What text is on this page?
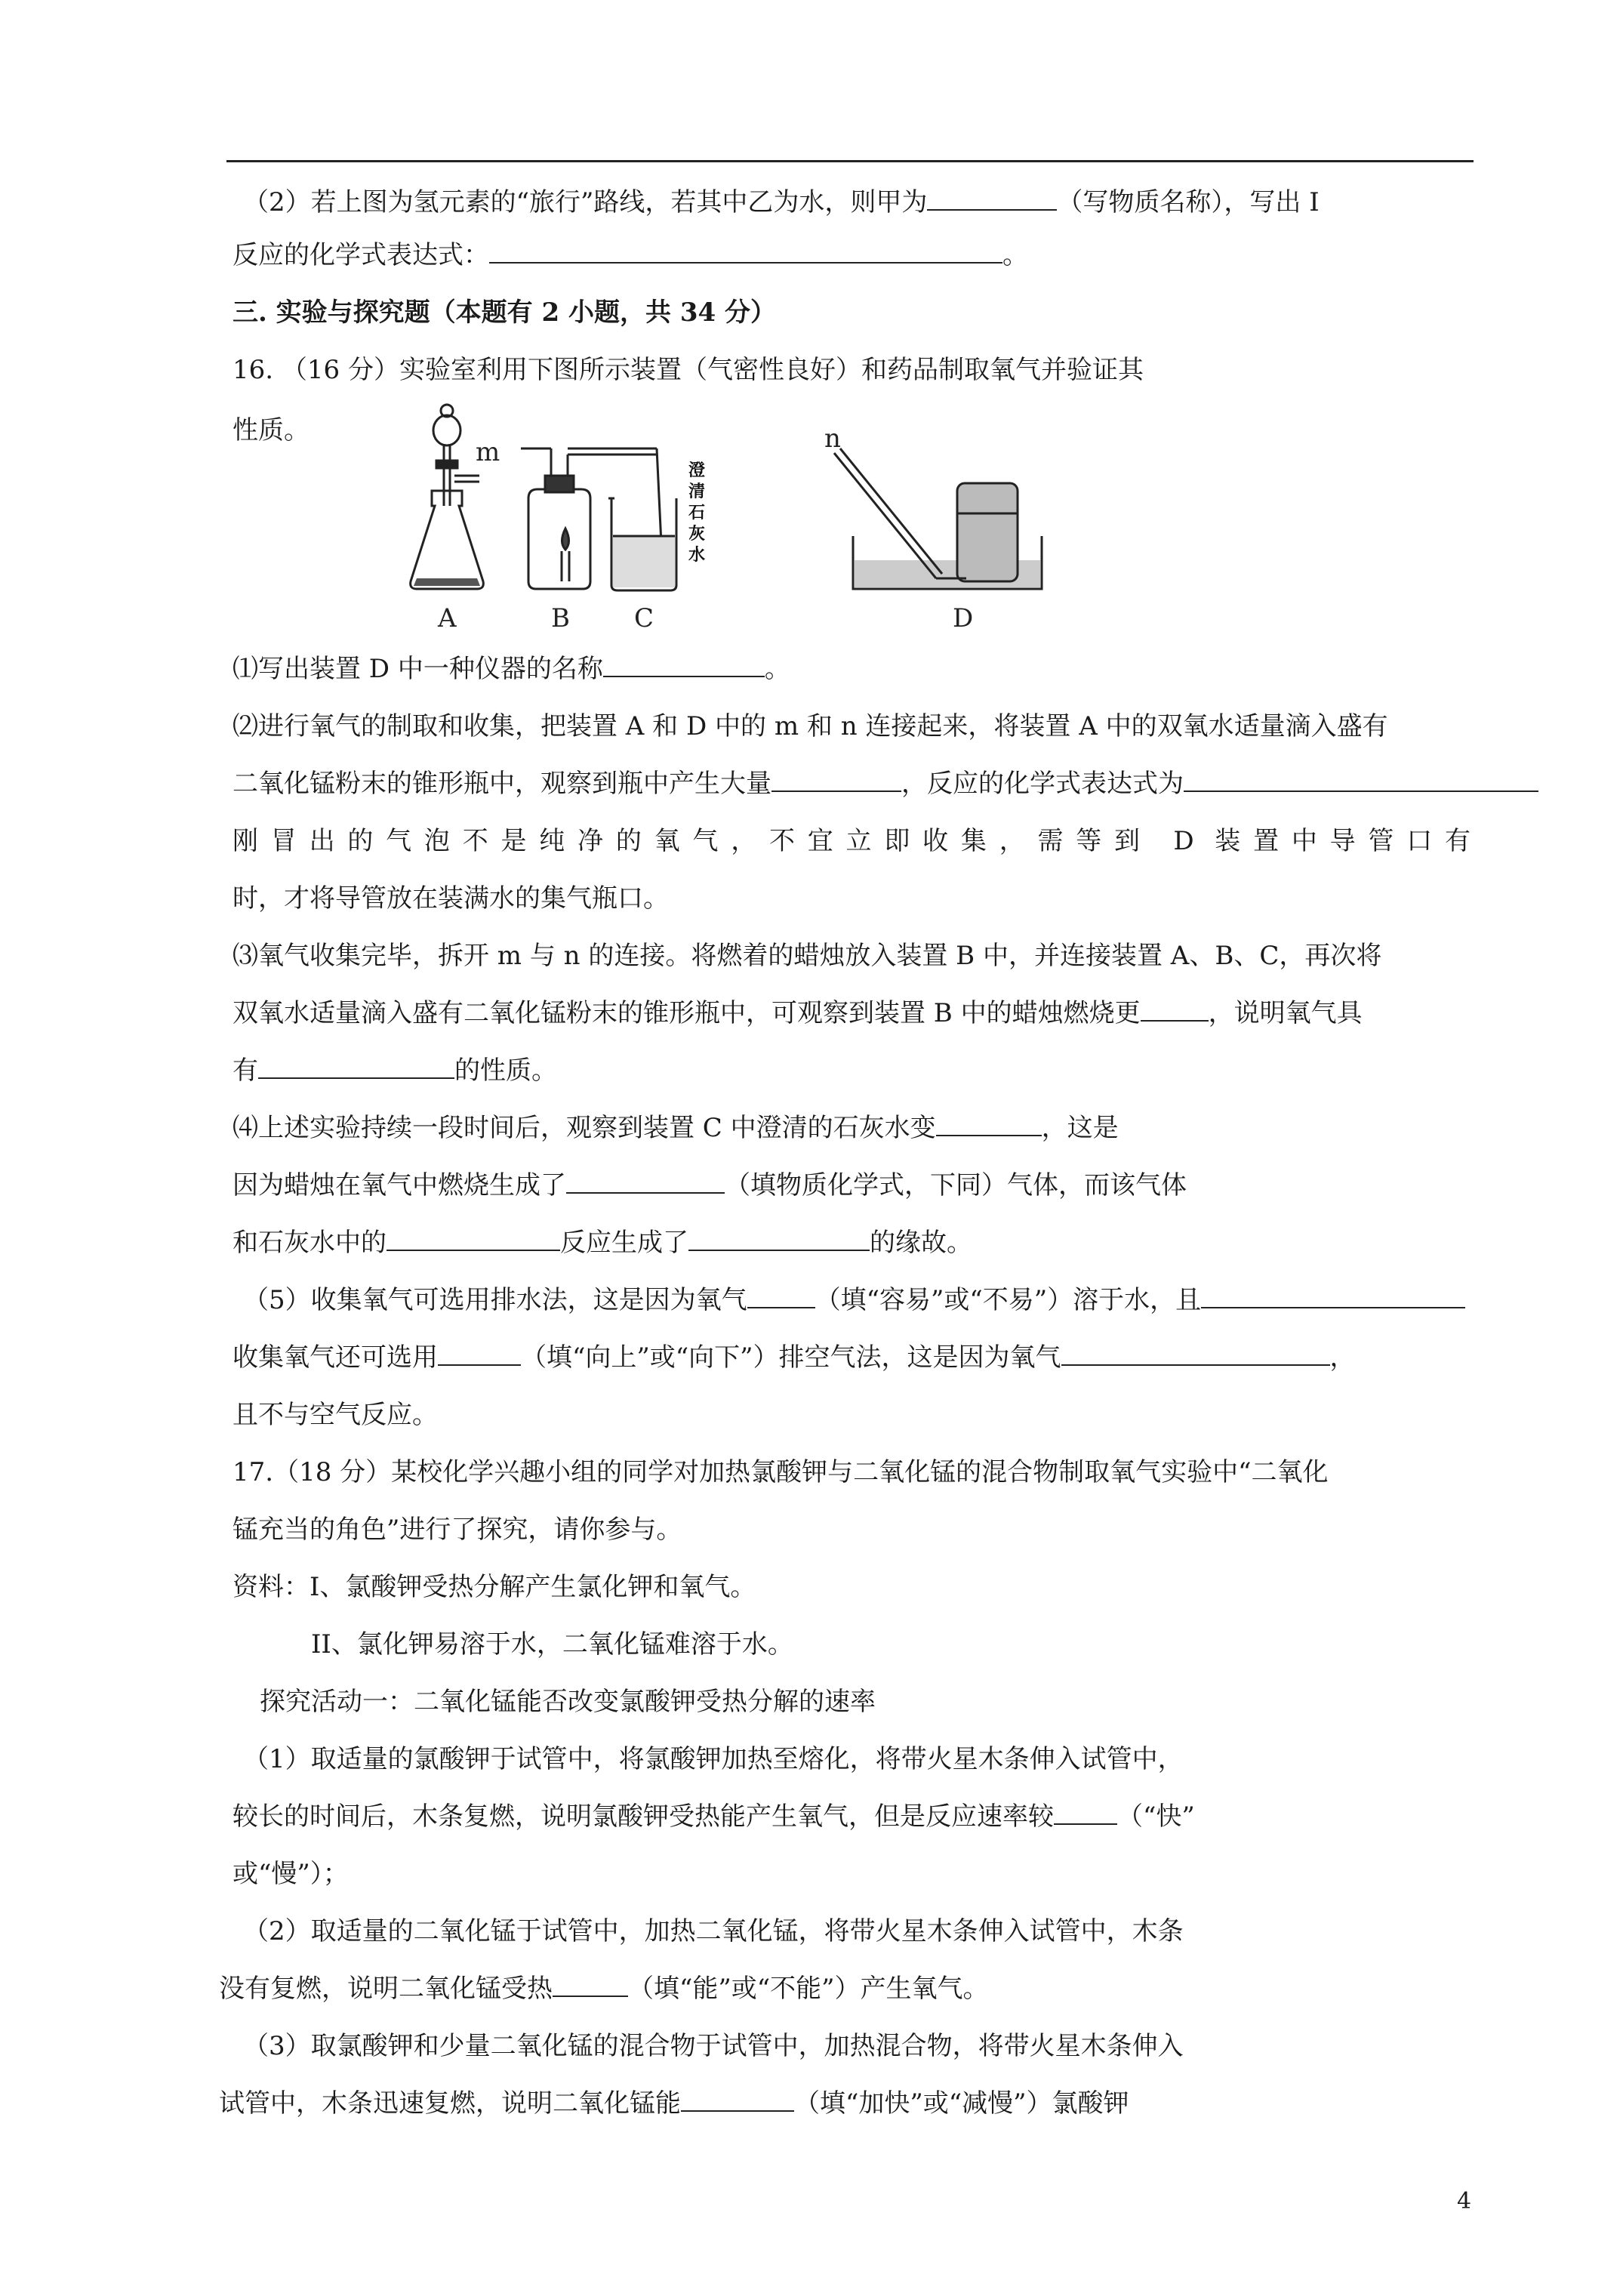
（2）若上图为氢元素的“旅行”路线，若其中乙为水，则甲为	（写物质名称），写出 I
反应的化学式表达式：	。
三. 实验与探究题（本题有 2 小题，共 34 分）
16. （16 分）实验室利用下图所示装置（气密性良好）和药品制取氧气并验证其
性质。
m
A	B	C
澄
清
石
灰
水
n
D
⑴写出装置 D 中一种仪器的名称	。
⑵进行氧气的制取和收集，把装置 A 和 D 中的 m 和 n 连接起来，将装置 A 中的双氧水适量滴入盛有
二氧化锰粉末的锥形瓶中，观察到瓶中产生大量	，反应的化学式表达式为
刚冒出的气泡不是纯净的氧气，不宜立即收集，需等到 D 装置中导管口有
时，才将导管放在装满水的集气瓶口。
⑶氧气收集完毕，拆开 m 与 n 的连接。将燃着的蜡烛放入装置 B 中，并连接装置 A、B、C，再次将
双氧水适量滴入盛有二氧化锰粉末的锥形瓶中，可观察到装置 B 中的蜡烛燃烧更	，说明氧气具
有	的性质。
⑷上述实验持续一段时间后，观察到装置 C 中澄清的石灰水变	，这是
因为蜡烛在氧气中燃烧生成了	（填物质化学式，下同）气体，而该气体
和石灰水中的	反应生成了	的缘故。
（5）收集氧气可选用排水法，这是因为氧气	（填“容易”或“不易”）溶于水，且
收集氧气还可选用	（填“向上”或“向下”）排空气法，这是因为氧气	，
且不与空气反应。
17.（18 分）某校化学兴趣小组的同学对加热氯酸钾与二氧化锰的混合物制取氧气实验中“二氧化
锰充当的角色”进行了探究，请你参与。
资料：I、氯酸钾受热分解产生氯化钾和氧气。
II、氯化钾易溶于水，二氧化锰难溶于水。
探究活动一：二氧化锰能否改变氯酸钾受热分解的速率
（1）取适量的氯酸钾于试管中，将氯酸钾加热至熔化，将带火星木条伸入试管中，
较长的时间后，木条复燃，说明氯酸钾受热能产生氧气，但是反应速率较 （“快”
或“慢”）；
（2）取适量的二氧化锰于试管中，加热二氧化锰，将带火星木条伸入试管中，木条
没有复燃，说明二氧化锰受热	（填“能”或“不能”）产生氧气。
（3）取氯酸钾和少量二氧化锰的混合物于试管中，加热混合物，将带火星木条伸入
试管中，木条迅速复燃，说明二氧化锰能	（填“加快”或“减慢”）氯酸钾
4
